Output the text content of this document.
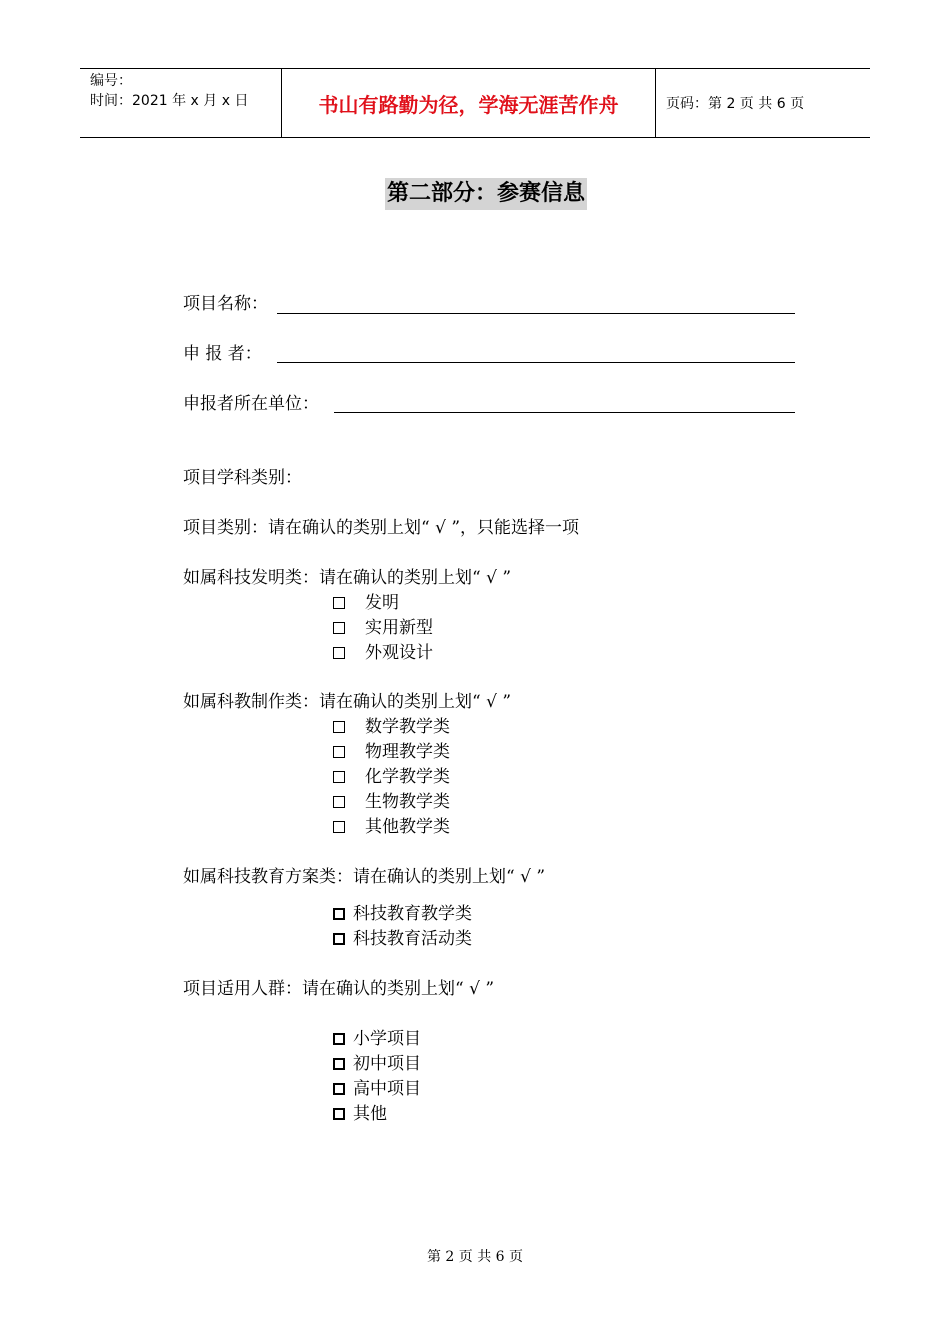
编号：
时间：2021 年 x 月 x 日	书山有路勤为径，学海无涯苦作舟	页码：第 2 页 共 6 页
第二部分：参赛信息
项目名称：
申 报 者：
申报者所在单位：
项目学科类别：
项目类别：请在确认的类别上划“ √ ”，只能选择一项
如属科技发明类：请在确认的类别上划“ √ ”
发明
实用新型
外观设计
如属科教制作类：请在确认的类别上划“ √ ”
数学教学类
物理教学类
化学教学类
生物教学类
其他教学类
如属科技教育方案类：请在确认的类别上划“ √ ”
科技教育教学类
科技教育活动类
项目适用人群：请在确认的类别上划“ √ ”
小学项目
初中项目
高中项目
其他
第 2 页 共 6 页
